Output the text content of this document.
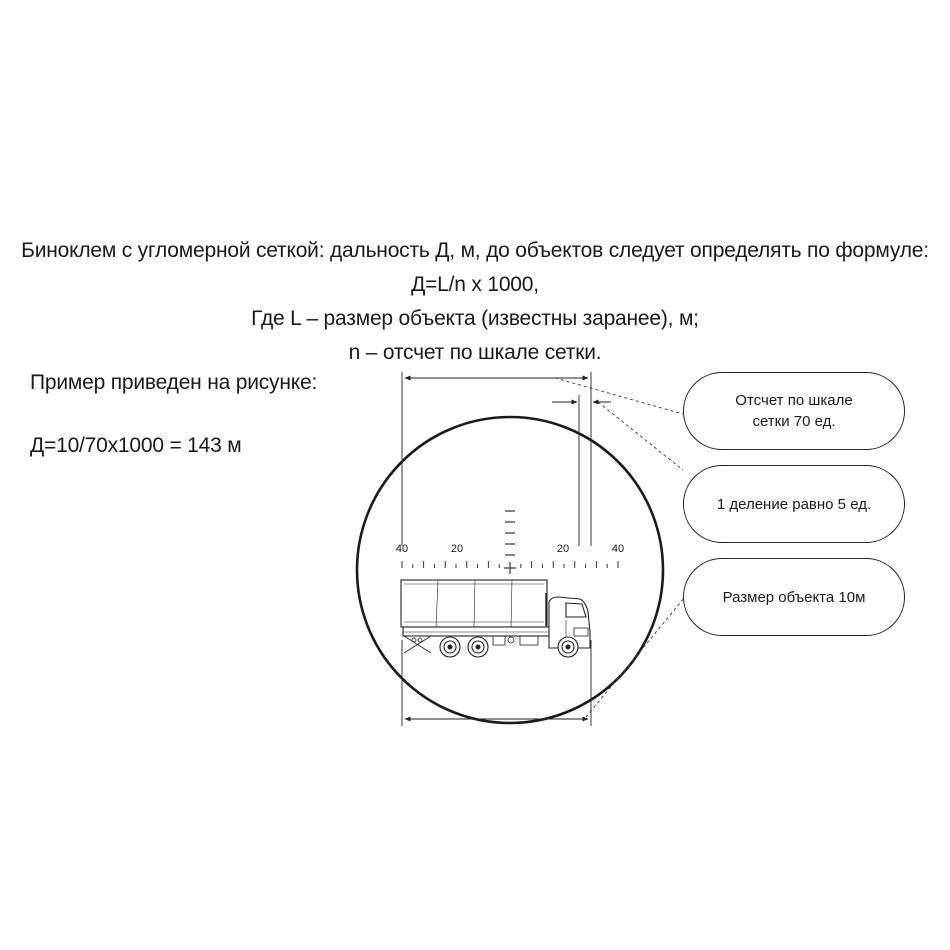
Биноклем с угломерной сеткой: дальность Д, м, до объектов следует определять по формуле:
Д=L/n x 1000,
Где L – размер объекта (известны заранее), м;
n – отсчет по шкале сетки.
Пример приведен на рисунке:
Д=10/70х1000 = 143 м
40	20	20	40
Отсчет по шкале
сетки 70 ед.
1 деление равно 5 ед.
Размер объекта 10м
